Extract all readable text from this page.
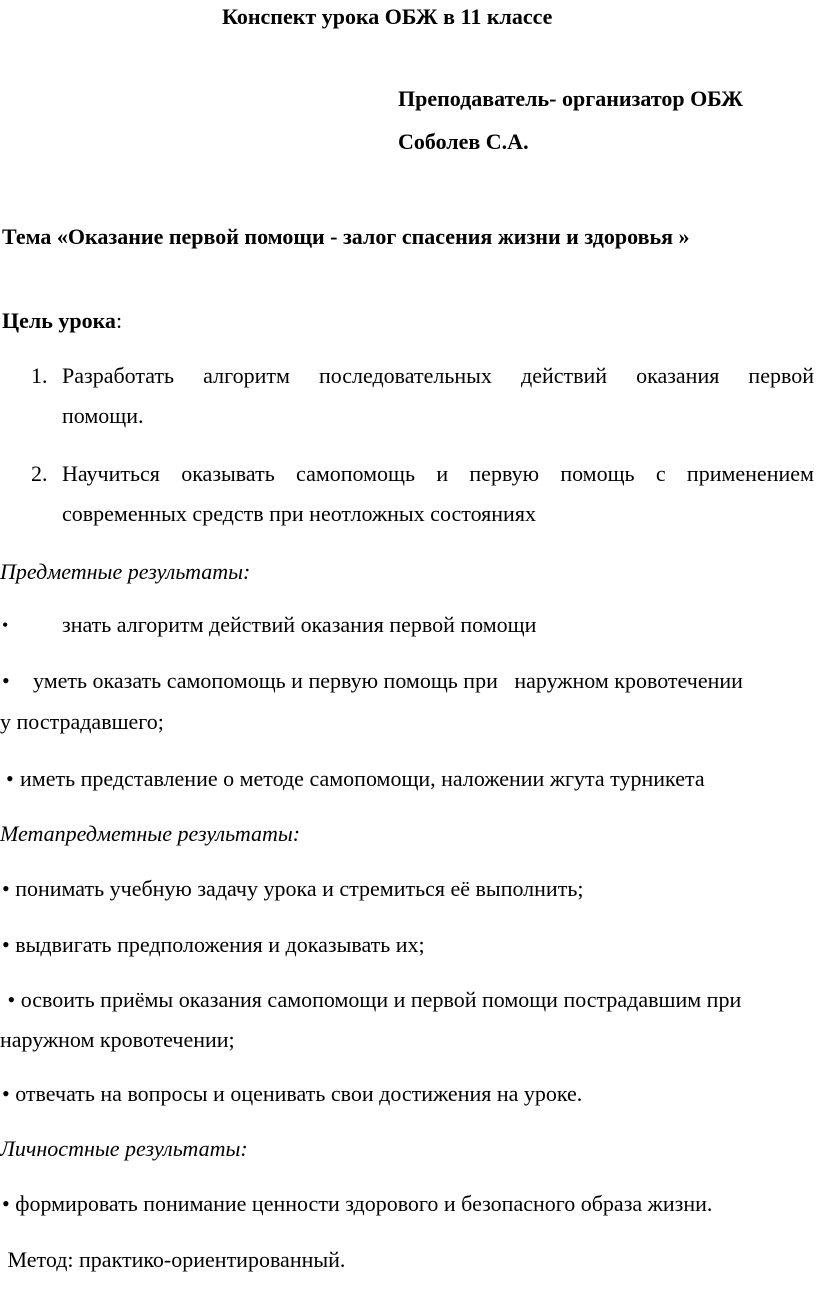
Конспект урока ОБЖ в 11 классе
Преподаватель- организатор ОБЖ
Соболев С.А.
Тема «Оказание первой помощи - залог спасения жизни и здоровья »
Цель урока:
1. Разработать алгоритм последовательных действий оказания первой
помощи.
2. Научиться оказывать самопомощь и первую помощь с применением
современных средств при неотложных состояниях
Предметные результаты:
• знать алгоритм действий оказания первой помощи
• уметь оказать самопомощь и первую помощь при   наружном кровотечении
у пострадавшего;
• иметь представление о методе самопомощи, наложении жгута турникета
Метапредметные результаты:
• понимать учебную задачу урока и стремиться её выполнить;
• выдвигать предположения и доказывать их;
• освоить приёмы оказания самопомощи и первой помощи пострадавшим при
наружном кровотечении;
• отвечать на вопросы и оценивать свои достижения на уроке.
Личностные результаты:
• формировать понимание ценности здорового и безопасного образа жизни.
Метод: практико-ориентированный.
